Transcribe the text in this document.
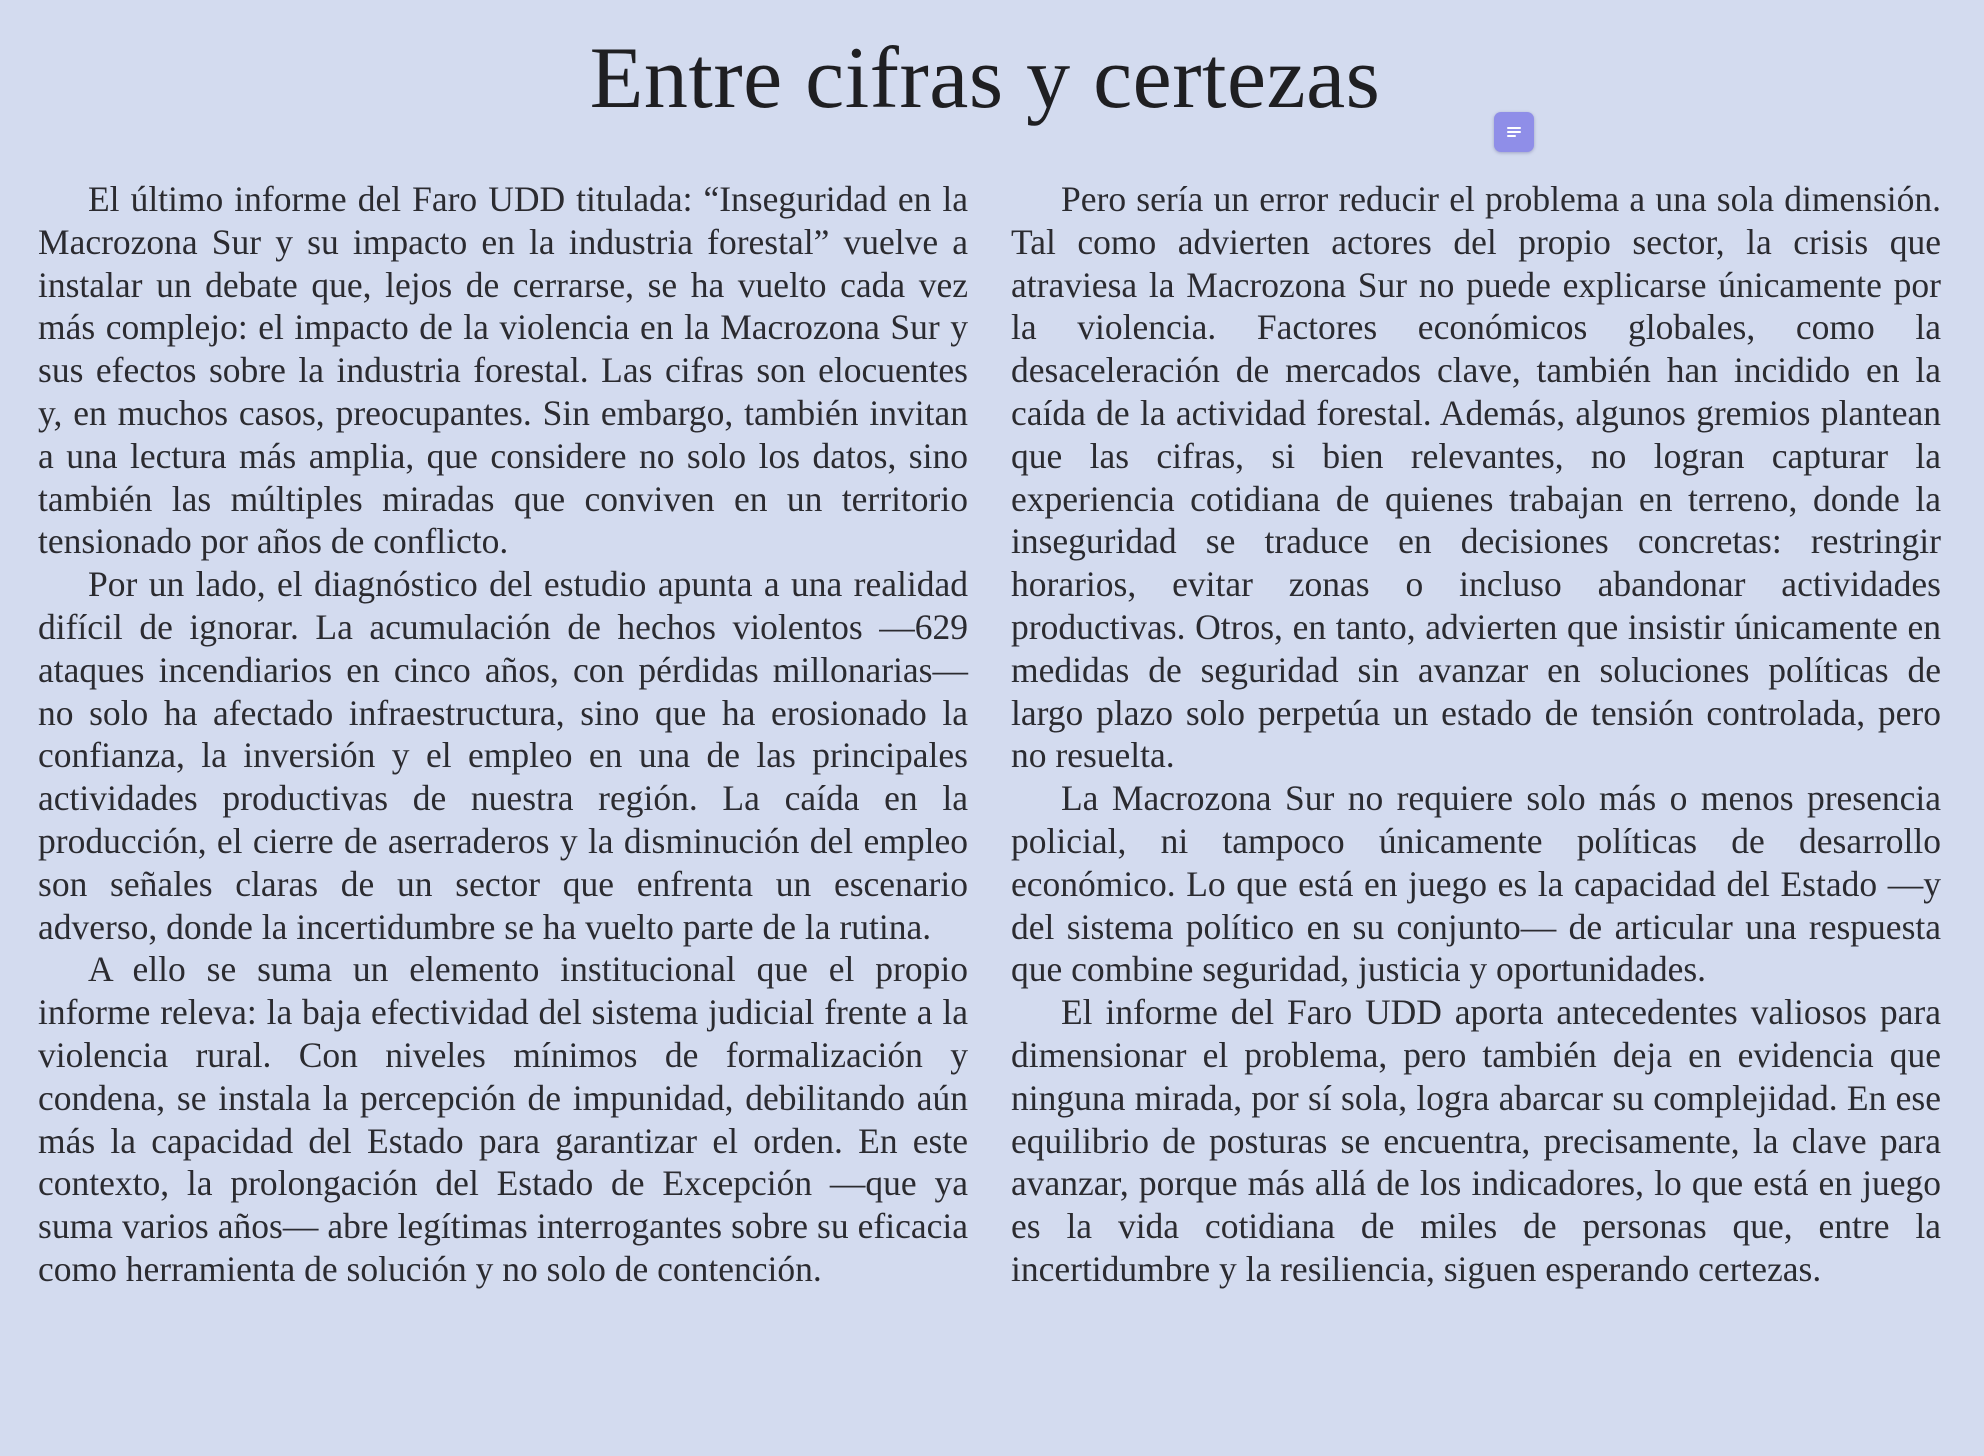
Entre cifras y certezas

El último informe del Faro UDD titulada: “Inseguridad en la Macrozona Sur y su impacto en la industria forestal” vuelve a instalar un debate que, lejos de cerrarse, se ha vuelto cada vez más complejo: el impacto de la violencia en la Macrozona Sur y sus efectos sobre la industria forestal. Las cifras son elocuentes y, en muchos casos, preocupantes. Sin embargo, también invitan a una lectura más amplia, que considere no solo los datos, sino también las múltiples miradas que conviven en un territorio tensionado por años de conflicto.

Por un lado, el diagnóstico del estudio apunta a una realidad difícil de ignorar. La acumulación de hechos violentos —629 ataques incendiarios en cinco años, con pérdidas millonarias— no solo ha afectado infraestructura, sino que ha erosionado la confianza, la inversión y el empleo en una de las principales actividades productivas de nuestra región. La caída en la producción, el cierre de aserraderos y la disminución del empleo son señales claras de un sector que enfrenta un escenario adverso, donde la incertidumbre se ha vuelto parte de la rutina.

A ello se suma un elemento institucional que el propio informe releva: la baja efectividad del sistema judicial frente a la violencia rural. Con niveles mínimos de formalización y condena, se instala la percepción de impunidad, debilitando aún más la capacidad del Estado para garantizar el orden. En este contexto, la prolongación del Estado de Excepción —que ya suma varios años— abre legítimas interrogantes sobre su eficacia como herramienta de solución y no solo de contención.

Pero sería un error reducir el problema a una sola dimensión. Tal como advierten actores del propio sector, la crisis que atraviesa la Macrozona Sur no puede explicarse únicamente por la violencia. Factores económicos globales, como la desaceleración de mercados clave, también han incidido en la caída de la actividad forestal. Además, algunos gremios plantean que las cifras, si bien relevantes, no logran capturar la experiencia cotidiana de quienes trabajan en terreno, donde la inseguridad se traduce en decisiones concretas: restringir horarios, evitar zonas o incluso abandonar actividades productivas. Otros, en tanto, advierten que insistir únicamente en medidas de seguridad sin avanzar en soluciones políticas de largo plazo solo perpetúa un estado de tensión controlada, pero no resuelta.

La Macrozona Sur no requiere solo más o menos presencia policial, ni tampoco únicamente políticas de desarrollo económico. Lo que está en juego es la capacidad del Estado —y del sistema político en su conjunto— de articular una respuesta que combine seguridad, justicia y oportunidades.

El informe del Faro UDD aporta antecedentes valiosos para dimensionar el problema, pero también deja en evidencia que ninguna mirada, por sí sola, logra abarcar su complejidad. En ese equilibrio de posturas se encuentra, precisamente, la clave para avanzar, porque más allá de los indicadores, lo que está en juego es la vida cotidiana de miles de personas que, entre la incertidumbre y la resiliencia, siguen esperando certezas.
